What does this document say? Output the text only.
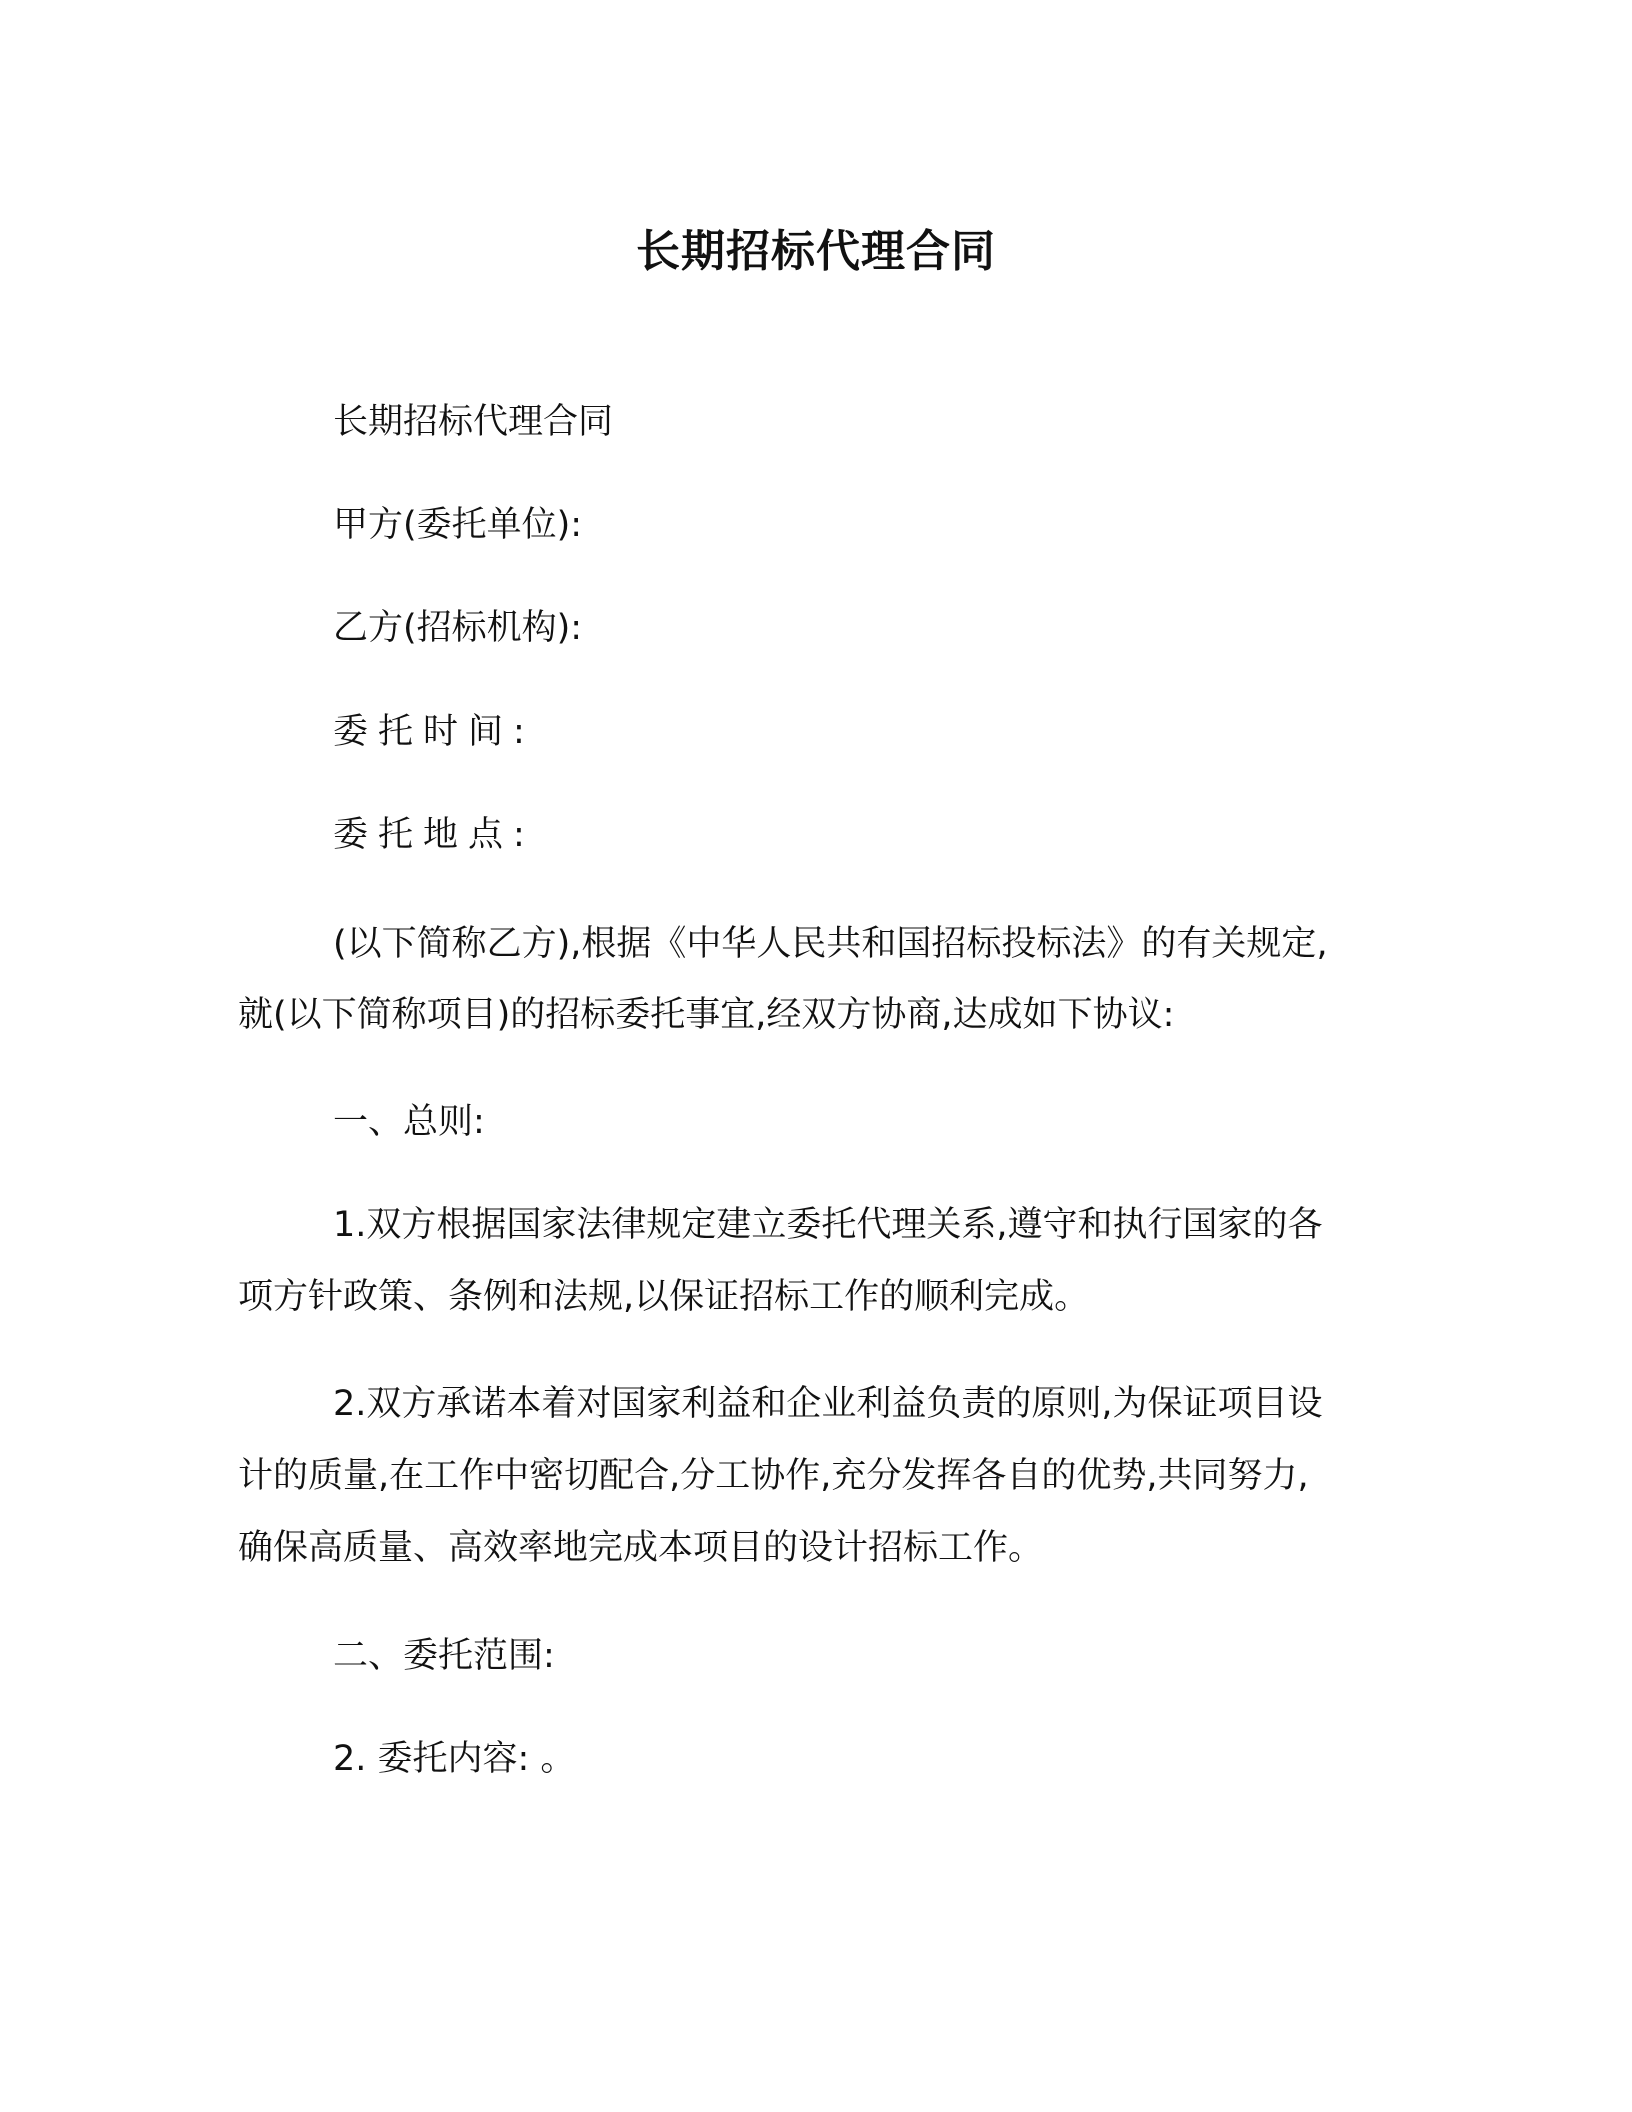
长期招标代理合同
长期招标代理合同
甲方(委托单位):
乙方(招标机构):
委托时间:
委托地点:
(以下简称乙方),根据《中华人民共和国招标投标法》的有关规定,
就(以下简称项目)的招标委托事宜,经双方协商,达成如下协议:
一、总则:
1.双方根据国家法律规定建立委托代理关系,遵守和执行国家的各
项方针政策、条例和法规,以保证招标工作的顺利完成。
2.双方承诺本着对国家利益和企业利益负责的原则,为保证项目设
计的质量,在工作中密切配合,分工协作,充分发挥各自的优势,共同努力,
确保高质量、高效率地完成本项目的设计招标工作。
二、委托范围:
2. 委托内容: 。
